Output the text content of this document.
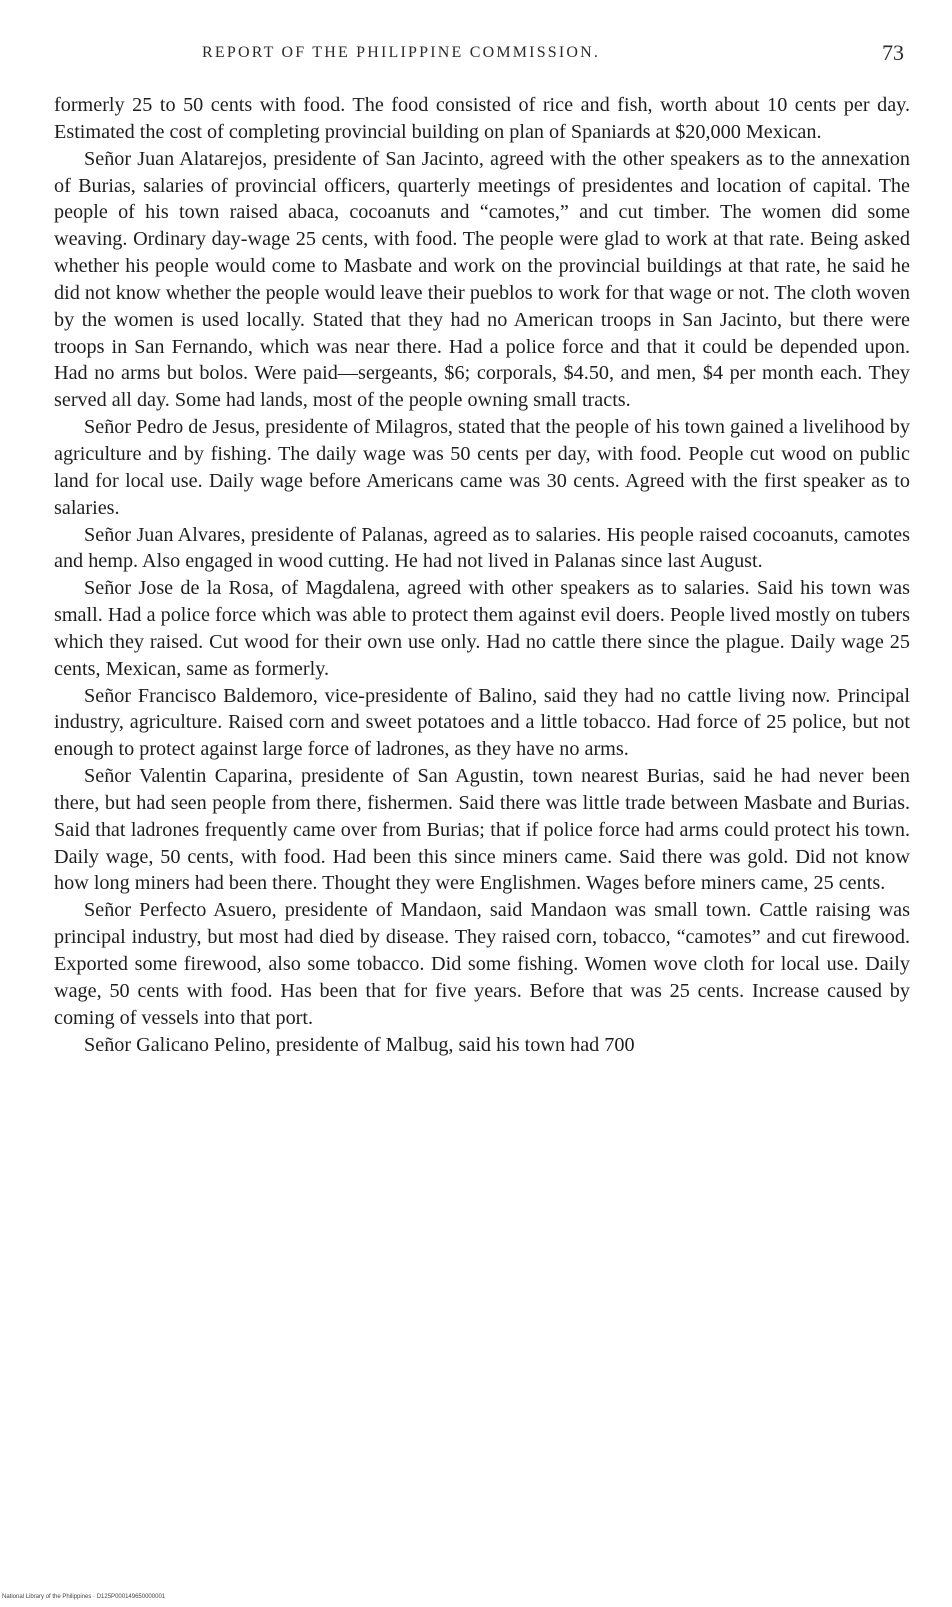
REPORT OF THE PHILIPPINE COMMISSION.	73

formerly 25 to 50 cents with food. The food consisted of rice and fish, worth about 10 cents per day. Estimated the cost of completing provincial building on plan of Spaniards at $20,000 Mexican.

Señor Juan Alatarejos, presidente of San Jacinto, agreed with the other speakers as to the annexation of Burias, salaries of provincial officers, quarterly meetings of presidentes and location of capital. The people of his town raised abaca, cocoanuts and “camotes,” and cut timber. The women did some weaving. Ordinary day-wage 25 cents, with food. The people were glad to work at that rate. Being asked whether his people would come to Masbate and work on the provincial buildings at that rate, he said he did not know whether the people would leave their pueblos to work for that wage or not. The cloth woven by the women is used locally. Stated that they had no American troops in San Jacinto, but there were troops in San Fernando, which was near there. Had a police force and that it could be depended upon. Had no arms but bolos. Were paid—sergeants, $6; corporals, $4.50, and men, $4 per month each. They served all day. Some had lands, most of the people owning small tracts.

Señor Pedro de Jesus, presidente of Milagros, stated that the people of his town gained a livelihood by agriculture and by fishing. The daily wage was 50 cents per day, with food. People cut wood on public land for local use. Daily wage before Americans came was 30 cents. Agreed with the first speaker as to salaries.

Señor Juan Alvares, presidente of Palanas, agreed as to salaries. His people raised cocoanuts, camotes and hemp. Also engaged in wood cutting. He had not lived in Palanas since last August.

Señor Jose de la Rosa, of Magdalena, agreed with other speakers as to salaries. Said his town was small. Had a police force which was able to protect them against evil doers. People lived mostly on tubers which they raised. Cut wood for their own use only. Had no cattle there since the plague. Daily wage 25 cents, Mexican, same as formerly.

Señor Francisco Baldemoro, vice-presidente of Balino, said they had no cattle living now. Principal industry, agriculture. Raised corn and sweet potatoes and a little tobacco. Had force of 25 police, but not enough to protect against large force of ladrones, as they have no arms.

Señor Valentin Caparina, presidente of San Agustin, town nearest Burias, said he had never been there, but had seen people from there, fishermen. Said there was little trade between Masbate and Burias. Said that ladrones frequently came over from Burias; that if police force had arms could protect his town. Daily wage, 50 cents, with food. Had been this since miners came. Said there was gold. Did not know how long miners had been there. Thought they were Englishmen. Wages before miners came, 25 cents.

Señor Perfecto Asuero, presidente of Mandaon, said Mandaon was small town. Cattle raising was principal industry, but most had died by disease. They raised corn, tobacco, “camotes” and cut firewood. Exported some firewood, also some tobacco. Did some fishing. Women wove cloth for local use. Daily wage, 50 cents with food. Has been that for five years. Before that was 25 cents. Increase caused by coming of vessels into that port.

Señor Galicano Pelino, presidente of Malbug, said his town had 700

National Library of the Philippines · D125P000149650000001
